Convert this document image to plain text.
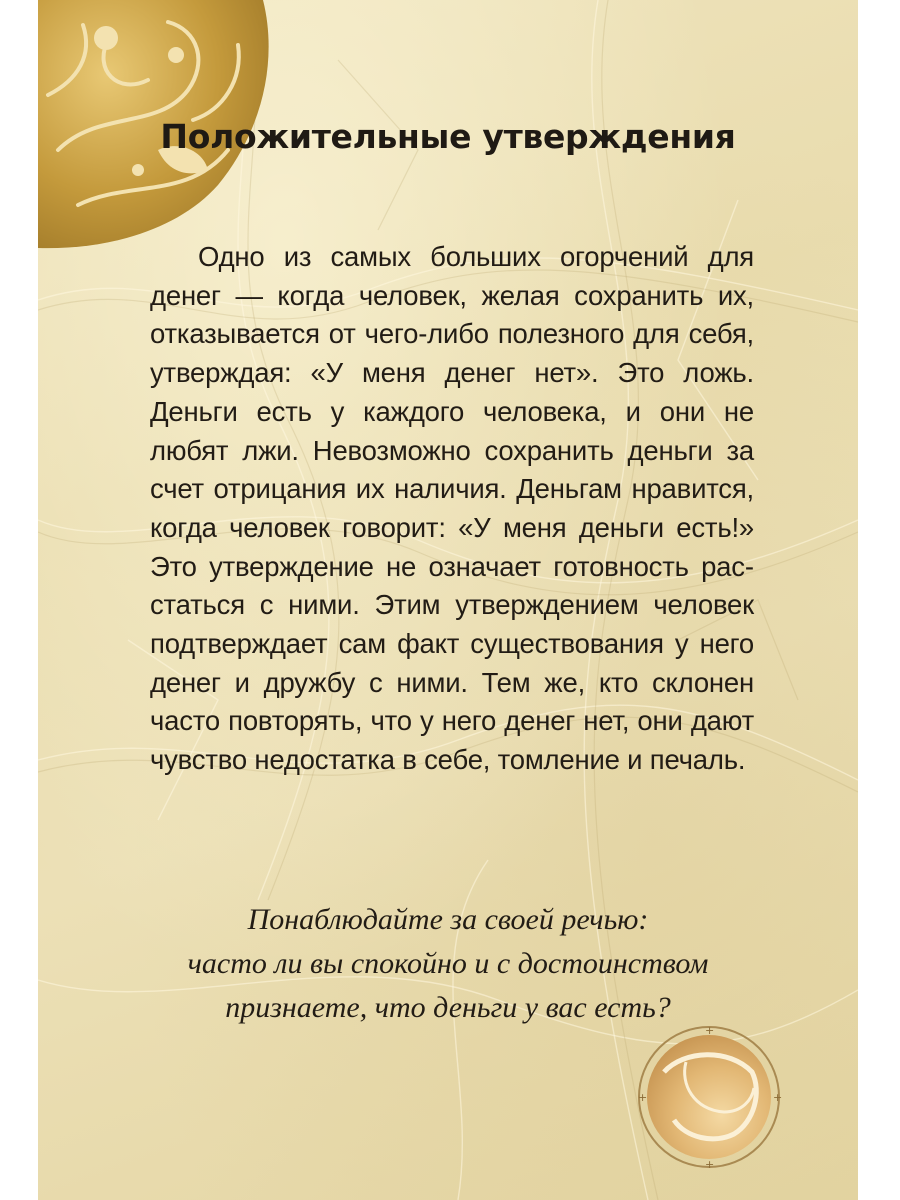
Положительные утверждения

Одно из самых больших огорчений для денег — когда человек, желая сохранить их, отказывается от чего-либо полезного для себя, утверждая: «У меня денег нет». Это ложь. Деньги есть у каждого человека, и они не любят лжи. Невозможно сохранить деньги за счет отрицания их наличия. Деньгам нравится, когда человек говорит: «У меня деньги есть!» Это утверждение не означает готовность расстаться с ними. Этим утверждением человек подтверждает сам факт существования у него денег и дружбу с ними. Тем же, кто склонен часто повторять, что у него денег нет, они дают чувство недостатка в себе, томление и печаль.

Понаблюдайте за своей речью:
часто ли вы спокойно и с достоинством
признаете, что деньги у вас есть?

+
+
+	+
